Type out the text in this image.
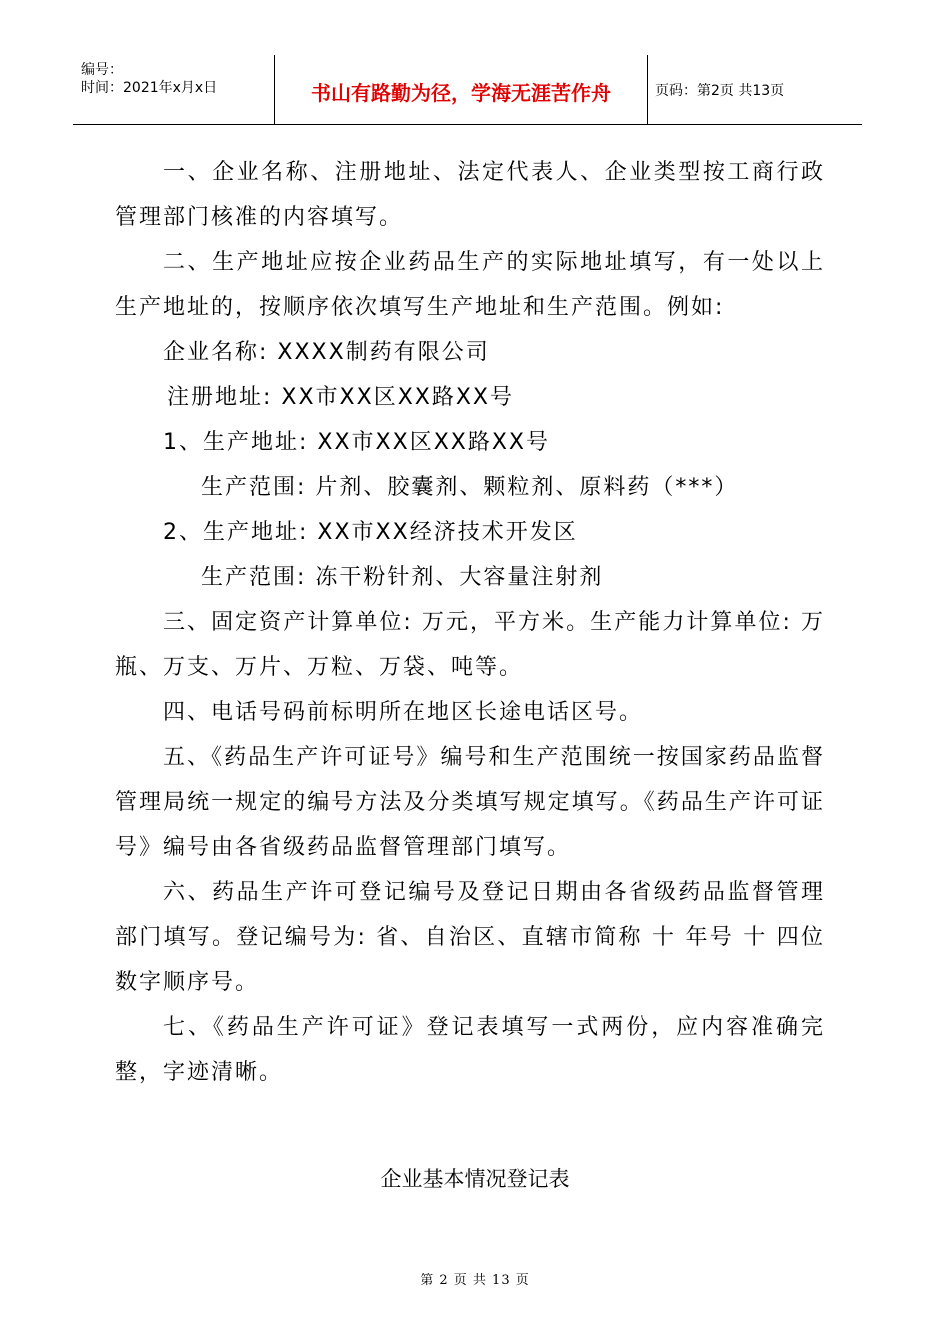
编号：
时间：2021年x月x日	书山有路勤为径，学海无涯苦作舟	页码：第2页 共13页

一、企业名称、注册地址、法定代表人、企业类型按工商行政管理部门核准的内容填写。

二、生产地址应按企业药品生产的实际地址填写，有一处以上生产地址的，按顺序依次填写生产地址和生产范围。例如:

企业名称: XXXX制药有限公司

注册地址: XX市XX区XX路XX号

1、生产地址: XX市XX区XX路XX号

生产范围: 片剂、胶囊剂、颗粒剂、原料药（***）

2、生产地址: XX市XX经济技术开发区

生产范围: 冻干粉针剂、大容量注射剂

三、固定资产计算单位: 万元，平方米。生产能力计算单位: 万瓶、万支、万片、万粒、万袋、吨等。

四、电话号码前标明所在地区长途电话区号。

五、《药品生产许可证号》编号和生产范围统一按国家药品监督管理局统一规定的编号方法及分类填写规定填写。《药品生产许可证号》编号由各省级药品监督管理部门填写。

六、药品生产许可登记编号及登记日期由各省级药品监督管理部门填写。登记编号为: 省、自治区、直辖市简称 十 年号 十 四位数字顺序号。

七、《药品生产许可证》登记表填写一式两份，应内容准确完整，字迹清晰。

企业基本情况登记表
第 2 页 共 13 页
